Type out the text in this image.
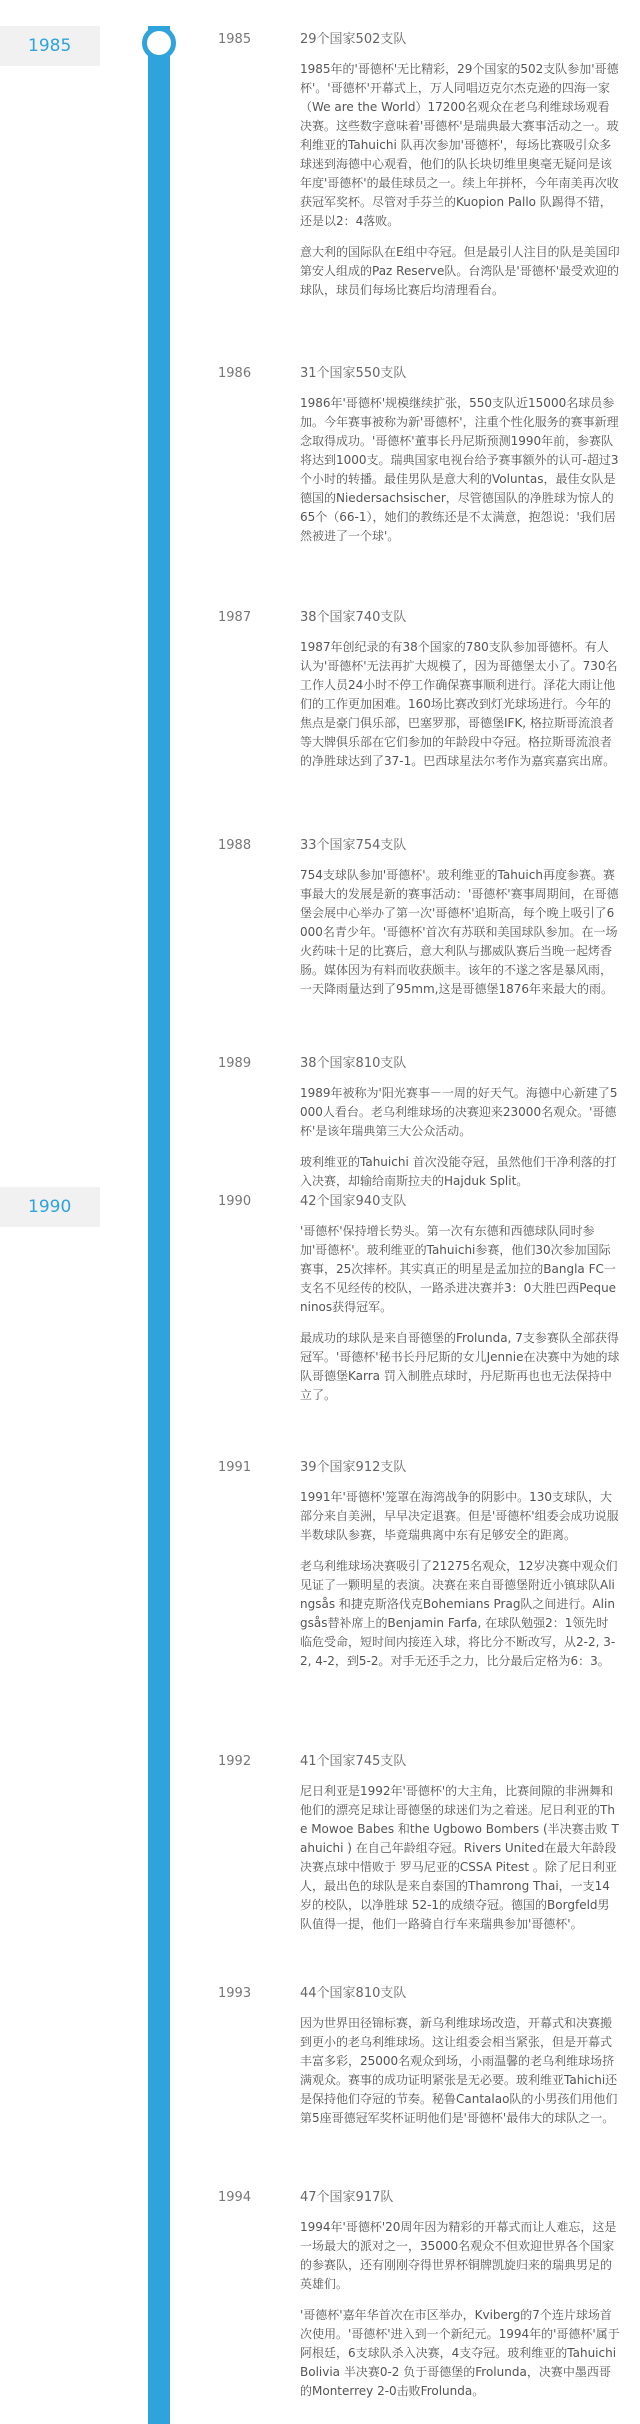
1985
1990
1985	29个国家502支队

1985年的'哥德杯'无比精彩，29个国家的502支队参加'哥德杯'。'哥德杯'开幕式上，万人同唱迈克尔杰克逊的四海一家（We are the World）17200名观众在老乌利维球场观看决赛。这些数字意味着'哥德杯'是瑞典最大赛事活动之一。玻利维亚的Tahuichi 队再次参加'哥德杯'，每场比赛吸引众多球迷到海德中心观看，他们的队长块切维里奥毫无疑问是该年度'哥德杯'的最佳球员之一。续上年拼杯，今年南美再次收获冠军奖杯。尽管对手芬兰的Kuopion Pallo 队踢得不错，还是以2：4落败。

意大利的国际队在E组中夺冠。但是最引人注目的队是美国印第安人组成的Paz Reserve队。台湾队是'哥德杯'最受欢迎的球队，球员们每场比赛后均清理看台。

1986	31个国家550支队

1986年'哥德杯'规模继续扩张，550支队近15000名球员参加。今年赛事被称为新'哥德杯'，注重个性化服务的赛事新理念取得成功。'哥德杯'董事长丹尼斯预测1990年前，参赛队将达到1000支。瑞典国家电视台给予赛事额外的认可-超过3个小时的转播。最佳男队是意大利的Voluntas，最佳女队是德国的Niedersachsischer，尽管德国队的净胜球为惊人的65个（66-1），她们的教练还是不太满意，抱怨说：'我们居然被进了一个球'。

1987	38个国家740支队

1987年创纪录的有38个国家的780支队参加哥德杯。有人认为'哥德杯'无法再扩大规模了，因为哥德堡太小了。730名工作人员24小时不停工作确保赛事顺利进行。泽花大雨让他们的工作更加困难。160场比赛改到灯光球场进行。今年的焦点是豪门俱乐部，巴塞罗那，哥德堡IFK, 格拉斯哥流浪者等大牌俱乐部在它们参加的年龄段中夺冠。格拉斯哥流浪者的净胜球达到了37-1。巴西球星法尔考作为嘉宾嘉宾出席。

1988	33个国家754支队

754支球队参加'哥德杯'。玻利维亚的Tahuich再度参赛。赛事最大的发展是新的赛事活动：'哥德杯'赛事周期间，在哥德堡会展中心举办了第一次'哥德杯'追斯高，每个晚上吸引了6000名青少年。'哥德杯'首次有苏联和美国球队参加。在一场火药味十足的比赛后，意大利队与挪威队赛后当晚一起烤香肠。媒体因为有料而收获颇丰。该年的不遂之客是暴风雨，一天降雨量达到了95mm,这是哥德堡1876年来最大的雨。

1989	38个国家810支队

1989年被称为'阳光赛事－一周的好天气。海德中心新建了5000人看台。老乌利维球场的决赛迎来23000名观众。'哥德杯'是该年瑞典第三大公众活动。

玻利维亚的Tahuichi 首次没能夺冠，虽然他们干净利落的打入决赛，却输给南斯拉夫的Hajduk Split。

1990	42个国家940支队

'哥德杯'保持增长势头。第一次有东德和西德球队同时参加'哥德杯'。玻利维亚的Tahuichi参赛，他们30次参加国际赛事，25次摔杯。其实真正的明星是孟加拉的Bangla FC一支名不见经传的校队，一路杀进决赛并3：0大胜巴西Pequeninos获得冠军。

最成功的球队是来自哥德堡的Frolunda, 7支参赛队全部获得冠军。'哥德杯'秘书长丹尼斯的女儿Jennie在决赛中为她的球队哥德堡Karra 罚入制胜点球时，丹尼斯再也也无法保持中立了。

1991	39个国家912支队

1991年'哥德杯'笼罩在海湾战争的阴影中。130支球队，大部分来自美洲，早早决定退赛。但是'哥德杯'组委会成功说服半数球队参赛，毕竟瑞典离中东有足够安全的距离。

老乌利维球场决赛吸引了21275名观众，12岁决赛中观众们见证了一颗明星的表演。决赛在来自哥德堡附近小镇球队Alingsås 和捷克斯洛伐克Bohemians Prag队之间进行。Alingsås替补席上的Benjamin Farfa, 在球队勉强2：1领先时临危受命，短时间内接连入球，将比分不断改写，从2-2, 3-2, 4-2，到5-2。对手无还手之力，比分最后定格为6：3。

1992	41个国家745支队

尼日利亚是1992年'哥德杯'的大主角，比赛间隙的非洲舞和他们的漂亮足球让哥德堡的球迷们为之着迷。尼日利亚的The Mowoe Babes 和the Ugbowo Bombers (半决赛击败 Tahuichi ) 在自己年龄组夺冠。Rivers United在最大年龄段决赛点球中惜败于 罗马尼亚的CSSA Pitest 。除了尼日利亚人，最出色的球队是来自泰国的Thamrong Thai，一支14岁的校队，以净胜球 52-1的成绩夺冠。德国的Borgfeld男队值得一提，他们一路骑自行车来瑞典参加'哥德杯'。

1993	44个国家810支队

因为世界田径锦标赛，新乌利维球场改造，开幕式和决赛搬到更小的老乌利维球场。这让组委会相当紧张，但是开幕式丰富多彩，25000名观众到场，小雨温馨的老乌利维球场挤满观众。赛事的成功证明紧张是无必要。玻利维亚Tahichi还是保持他们夺冠的节奏。秘鲁Cantalao队的小男孩们用他们第5座哥德冠军奖杯证明他们是'哥德杯'最伟大的球队之一。

1994	47个国家917队

1994年'哥德杯'20周年因为精彩的开幕式而让人难忘，这是一场最大的派对之一，35000名观众不但欢迎世界各个国家的参赛队，还有刚刚夺得世界杯铜牌凯旋归来的瑞典男足的英雄们。

'哥德杯'嘉年华首次在市区举办，Kviberg的7个连片球场首次使用。'哥德杯'进入到一个新纪元。1994年的'哥德杯'属于阿根廷，6支球队杀入决赛，4支夺冠。玻利维亚的Tahuichi Bolivia 半决赛0-2 负于哥德堡的Frolunda，决赛中墨西哥的Monterrey 2-0击败Frolunda。
